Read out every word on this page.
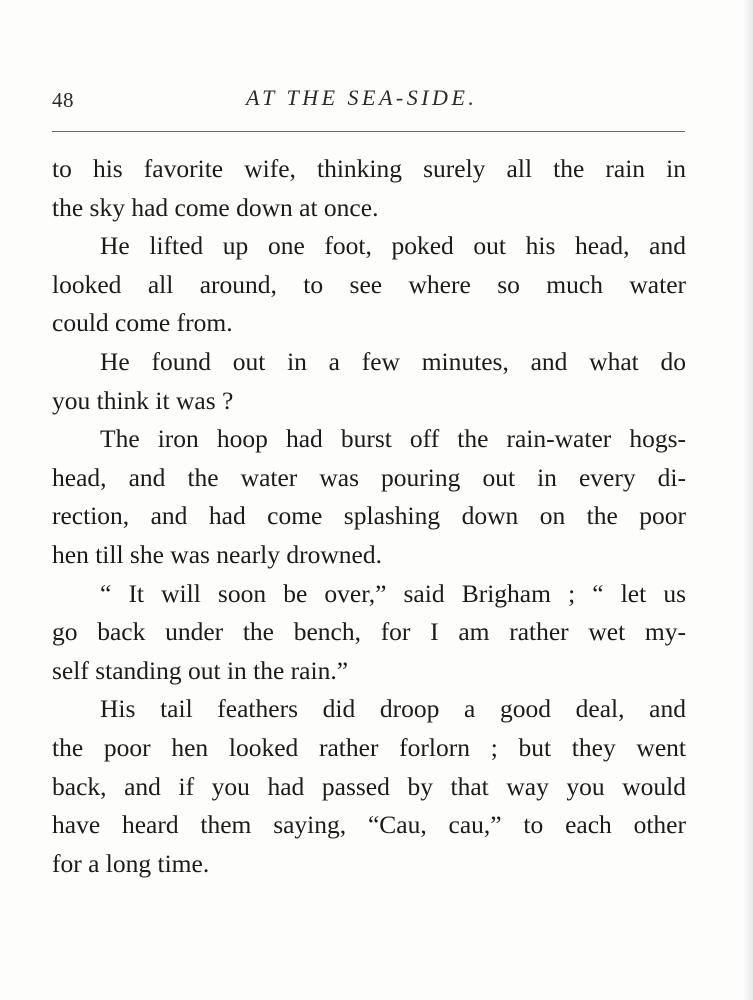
48	AT THE SEA-SIDE.
to his favorite wife, thinking surely all the rain in
the sky had come down at once.
He lifted up one foot, poked out his head, and
looked all around, to see where so much water
could come from.
He found out in a few minutes, and what do
you think it was ?
The iron hoop had burst off the rain-water hogs-
head, and the water was pouring out in every di-
rection, and had come splashing down on the poor
hen till she was nearly drowned.
“ It will soon be over,” said Brigham ; “ let us
go back under the bench, for I am rather wet my-
self standing out in the rain.”
His tail feathers did droop a good deal, and
the poor hen looked rather forlorn ; but they went
back, and if you had passed by that way you would
have heard them saying, “Cau, cau,” to each other
for a long time.
